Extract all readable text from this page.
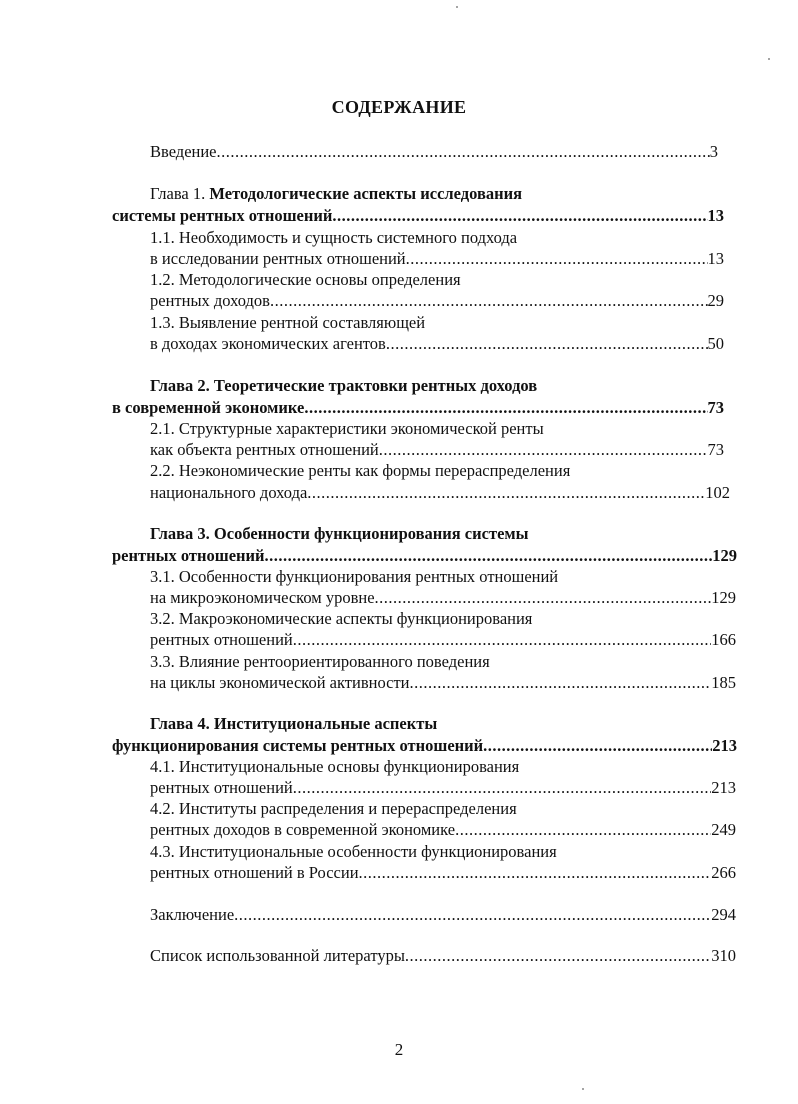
СОДЕРЖАНИЕ
Введение .....	3
Глава 1. Методологические аспекты исследования
системы рентных отношений .....	13
1.1. Необходимость и сущность системного подхода
в исследовании рентных отношений .....	13
1.2. Методологические основы определения
рентных доходов .....	29
1.3. Выявление рентной составляющей
в доходах экономических агентов .....	50
Глава 2. Теоретические трактовки рентных доходов
в современной экономике .....	73
2.1. Структурные характеристики экономической ренты
как объекта рентных отношений .....	73
2.2. Неэкономические ренты как формы перераспределения
национального дохода .....	102
Глава 3. Особенности функционирования системы
рентных отношений .....	129
3.1. Особенности функционирования рентных отношений
на микроэкономическом уровне .....	129
3.2. Макроэкономические аспекты функционирования
рентных отношений .....	166
3.3. Влияние рентоориентированного поведения
на циклы экономической активности .....	185
Глава 4. Институциональные аспекты
функционирования системы рентных отношений .....	213
4.1. Институциональные основы функционирования
рентных отношений .....	213
4.2. Институты распределения и перераспределения
рентных доходов в современной экономике .....	249
4.3. Институциональные особенности функционирования
рентных отношений в России .....	266
Заключение .....	294
Список использованной литературы .....	310
2
